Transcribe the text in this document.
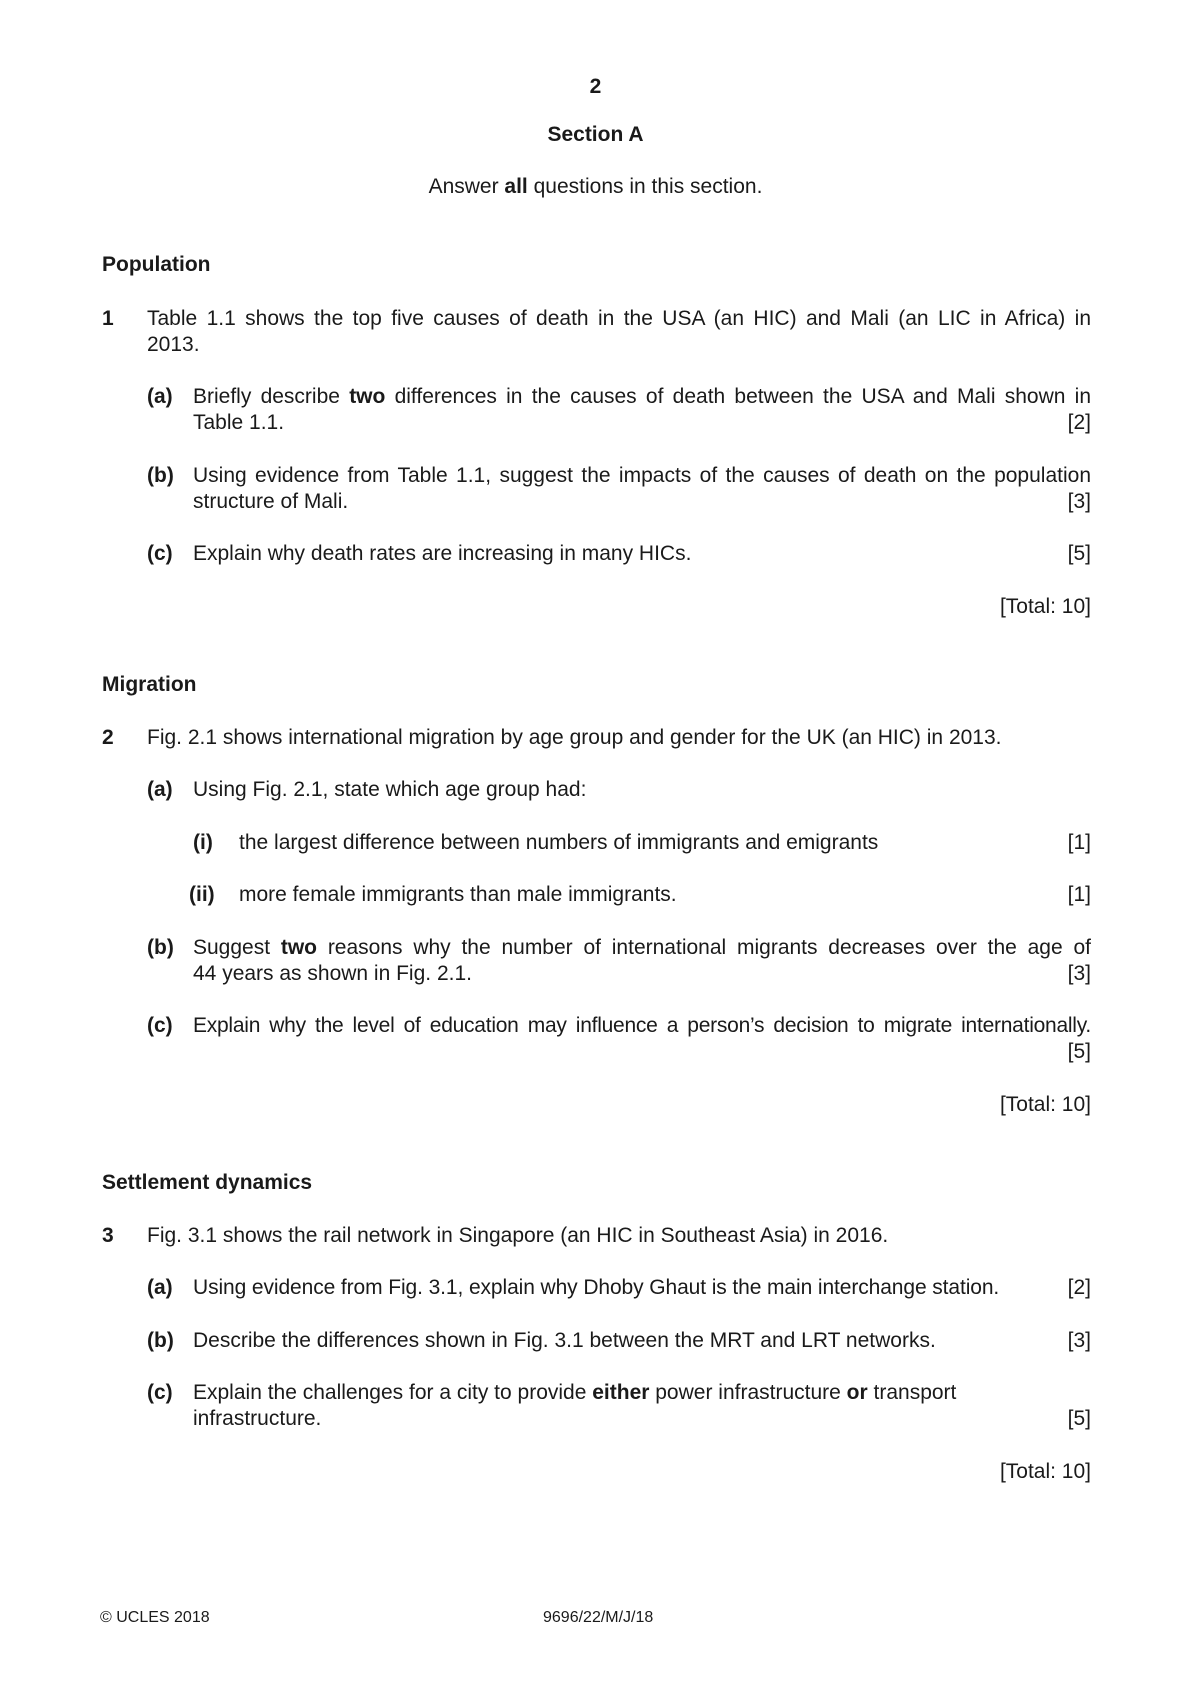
2
Section A
Answer all questions in this section.
Population
1 Table 1.1 shows the top five causes of death in the USA (an HIC) and Mali (an LIC in Africa) in
2013.
(a) Briefly describe two differences in the causes of death between the USA and Mali shown in
Table 1.1.	[2]
(b) Using evidence from Table 1.1, suggest the impacts of the causes of death on the population
structure of Mali.	[3]
(c) Explain why death rates are increasing in many HICs.	[5]
[Total: 10]
Migration
2 Fig. 2.1 shows international migration by age group and gender for the UK (an HIC) in 2013.
(a) Using Fig. 2.1, state which age group had:
(i) the largest difference between numbers of immigrants and emigrants	[1]
(ii) more female immigrants than male immigrants.	[1]
(b) Suggest two reasons why the number of international migrants decreases over the age of
44 years as shown in Fig. 2.1.	[3]
(c) Explain why the level of education may influence a person’s decision to migrate internationally.
[5]
[Total: 10]
Settlement dynamics
3 Fig. 3.1 shows the rail network in Singapore (an HIC in Southeast Asia) in 2016.
(a) Using evidence from Fig. 3.1, explain why Dhoby Ghaut is the main interchange station.	[2]
(b) Describe the differences shown in Fig. 3.1 between the MRT and LRT networks.	[3]
(c) Explain the challenges for a city to provide either power infrastructure or transport
infrastructure.	[5]
[Total: 10]
© UCLES 2018	9696/22/M/J/18
